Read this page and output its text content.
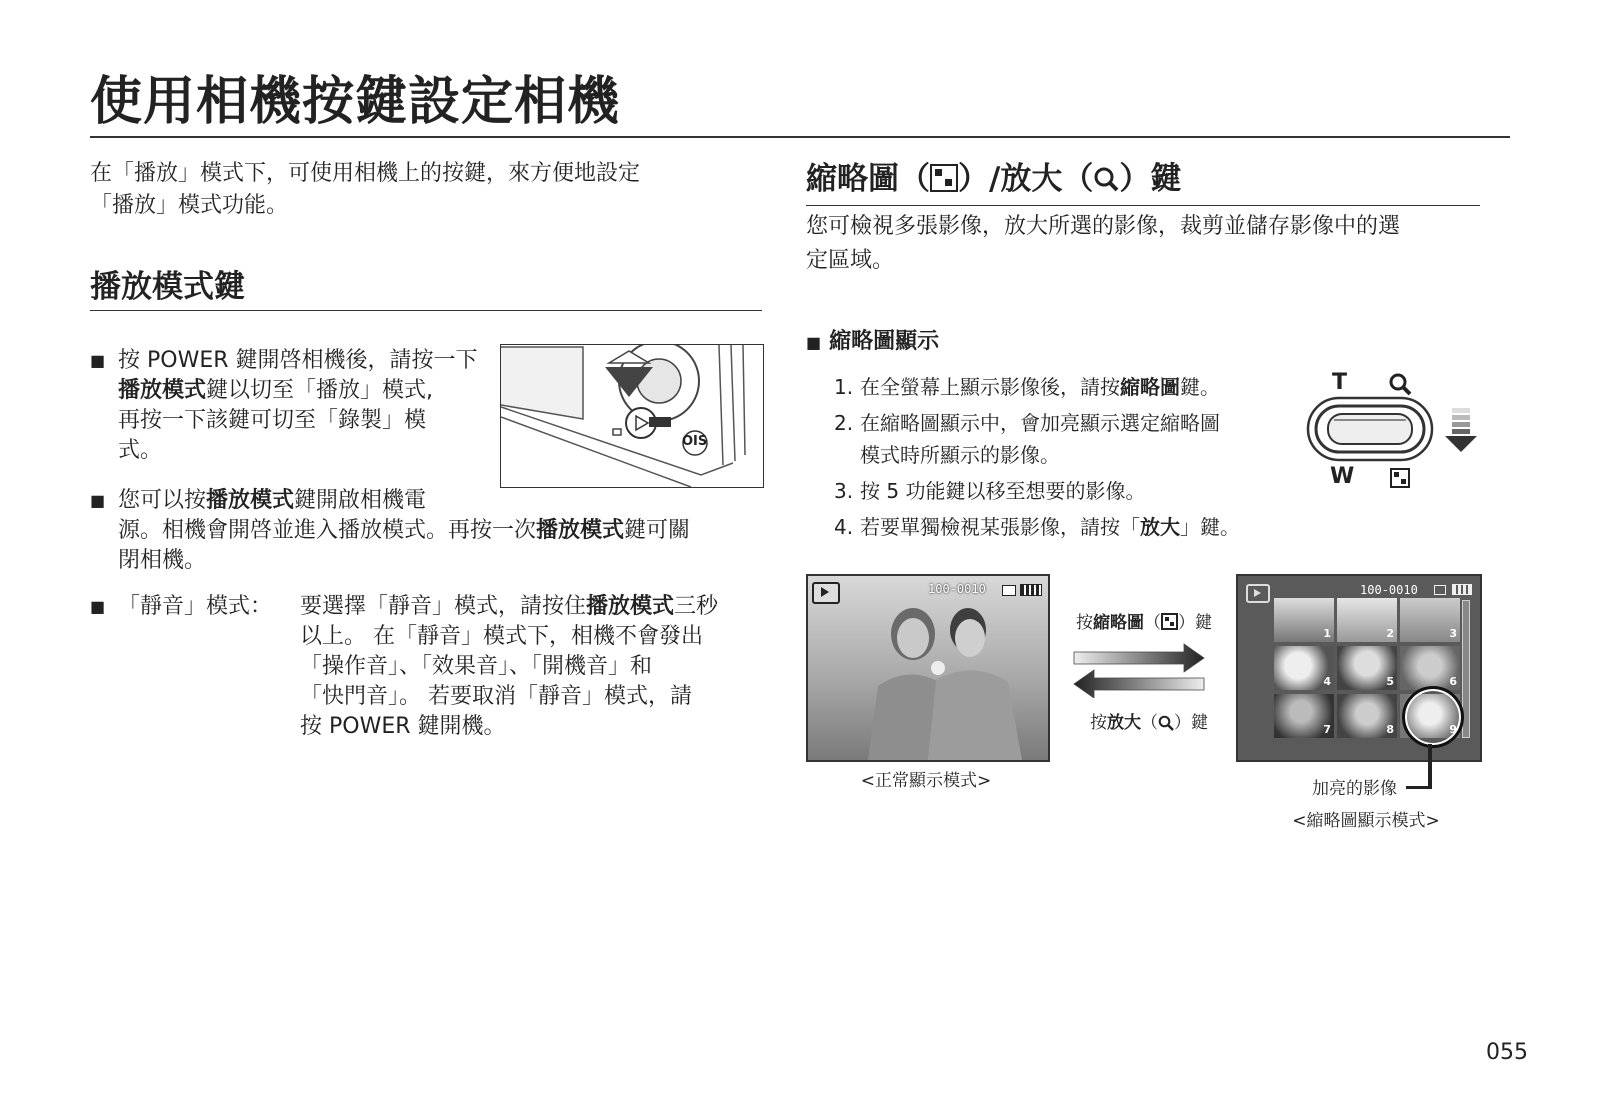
使用相機按鍵設定相機
在「播放」模式下，可使用相機上的按鍵，來方便地設定
「播放」模式功能。
播放模式鍵
■ 按 POWER 鍵開啓相機後，請按一下
播放模式鍵以切至「播放」模式,
再按一下該鍵可切至「錄製」模
式。	OIS
■ 您可以按播放模式鍵開啟相機電
源。相機會開啓並進入播放模式。再按一次播放模式鍵可關
閉相機。
■ 「靜音」模式： 要選擇「靜音」模式，請按住播放模式三秒
以上。 在「靜音」模式下，相機不會發出
「操作音」、「效果音」、「開機音」和
「快門音」。 若要取消「靜音」模式，請
按 POWER 鍵開機。
縮略圖（ ）/放大（ ）鍵
您可檢視多張影像，放大所選的影像，裁剪並儲存影像中的選
定區域。
■ 縮略圖顯示
1. 在全螢幕上顯示影像後，請按縮略圖鍵。
2. 在縮略圖顯示中，會加亮顯示選定縮略圖
模式時所顯示的影像。
3. 按 5 功能鍵以移至想要的影像。
4. 若要單獨檢視某張影像，請按「放大」鍵。
T
W
100-0010
<正常顯示模式>
按縮略圖（ ）鍵
按放大（ ）鍵
100-0010
1	2	3
4	5	6
7	8	9
加亮的影像
<縮略圖顯示模式>
055
